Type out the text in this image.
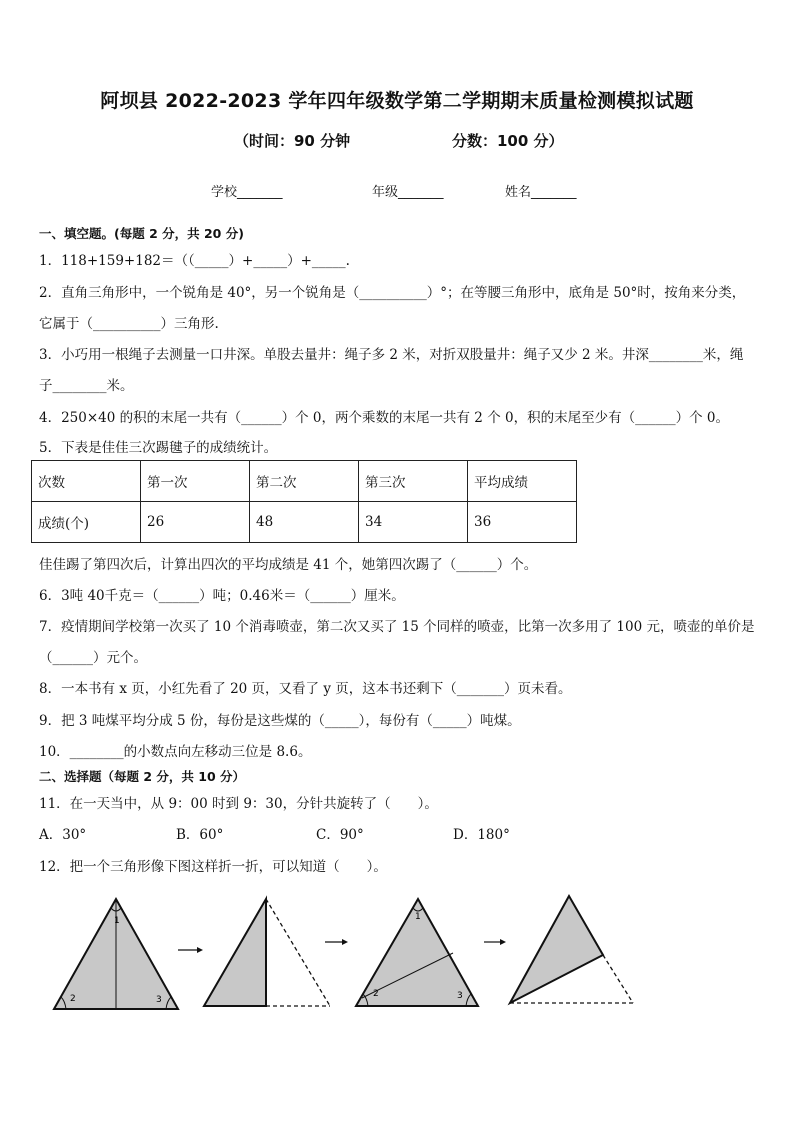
阿坝县 2022-2023 学年四年级数学第二学期期末质量检测模拟试题
（时间：90 分钟	分数：100 分）
学校_______	年级_______	姓名_______
一、填空题。(每题 2 分，共 20 分)
1．118+159+182＝（（_____）+_____）+_____.
2．直角三角形中，一个锐角是 40°，另一个锐角是（__________）°；在等腰三角形中，底角是 50°时，按角来分类，
它属于（__________）三角形.
3．小巧用一根绳子去测量一口井深。单股去量井：绳子多 2 米，对折双股量井：绳子又少 2 米。井深________米，绳
子________米。
4．250×40 的积的末尾一共有（______）个 0，两个乘数的末尾一共有 2 个 0，积的末尾至少有（______）个 0。
5．下表是佳佳三次踢毽子的成绩统计。
次数	第一次	第二次	第三次	平均成绩
成绩(个)	26	48	34	36
佳佳踢了第四次后，计算出四次的平均成绩是 41 个，她第四次踢了（______）个。
6．3吨 40千克＝（______）吨；0.46米＝（______）厘米。
7．疫情期间学校第一次买了 10 个消毒喷壶，第二次又买了 15 个同样的喷壶，比第一次多用了 100 元，喷壶的单价是
（______）元个。
8．一本书有 x 页，小红先看了 20 页，又看了 y 页，这本书还剩下（_______）页未看。
9．把 3 吨煤平均分成 5 份，每份是这些煤的（_____），每份有（_____）吨煤。
10．________的小数点向左移动三位是 8.6。
二、选择题（每题 2 分，共 10 分）
11．在一天当中，从 9：00 时到 9：30，分针共旋转了（　　）。
A．30°	B．60°	C．90°	D．180°
12．把一个三角形像下图这样折一折，可以知道（　　）。
1
2	3
1
2	3
